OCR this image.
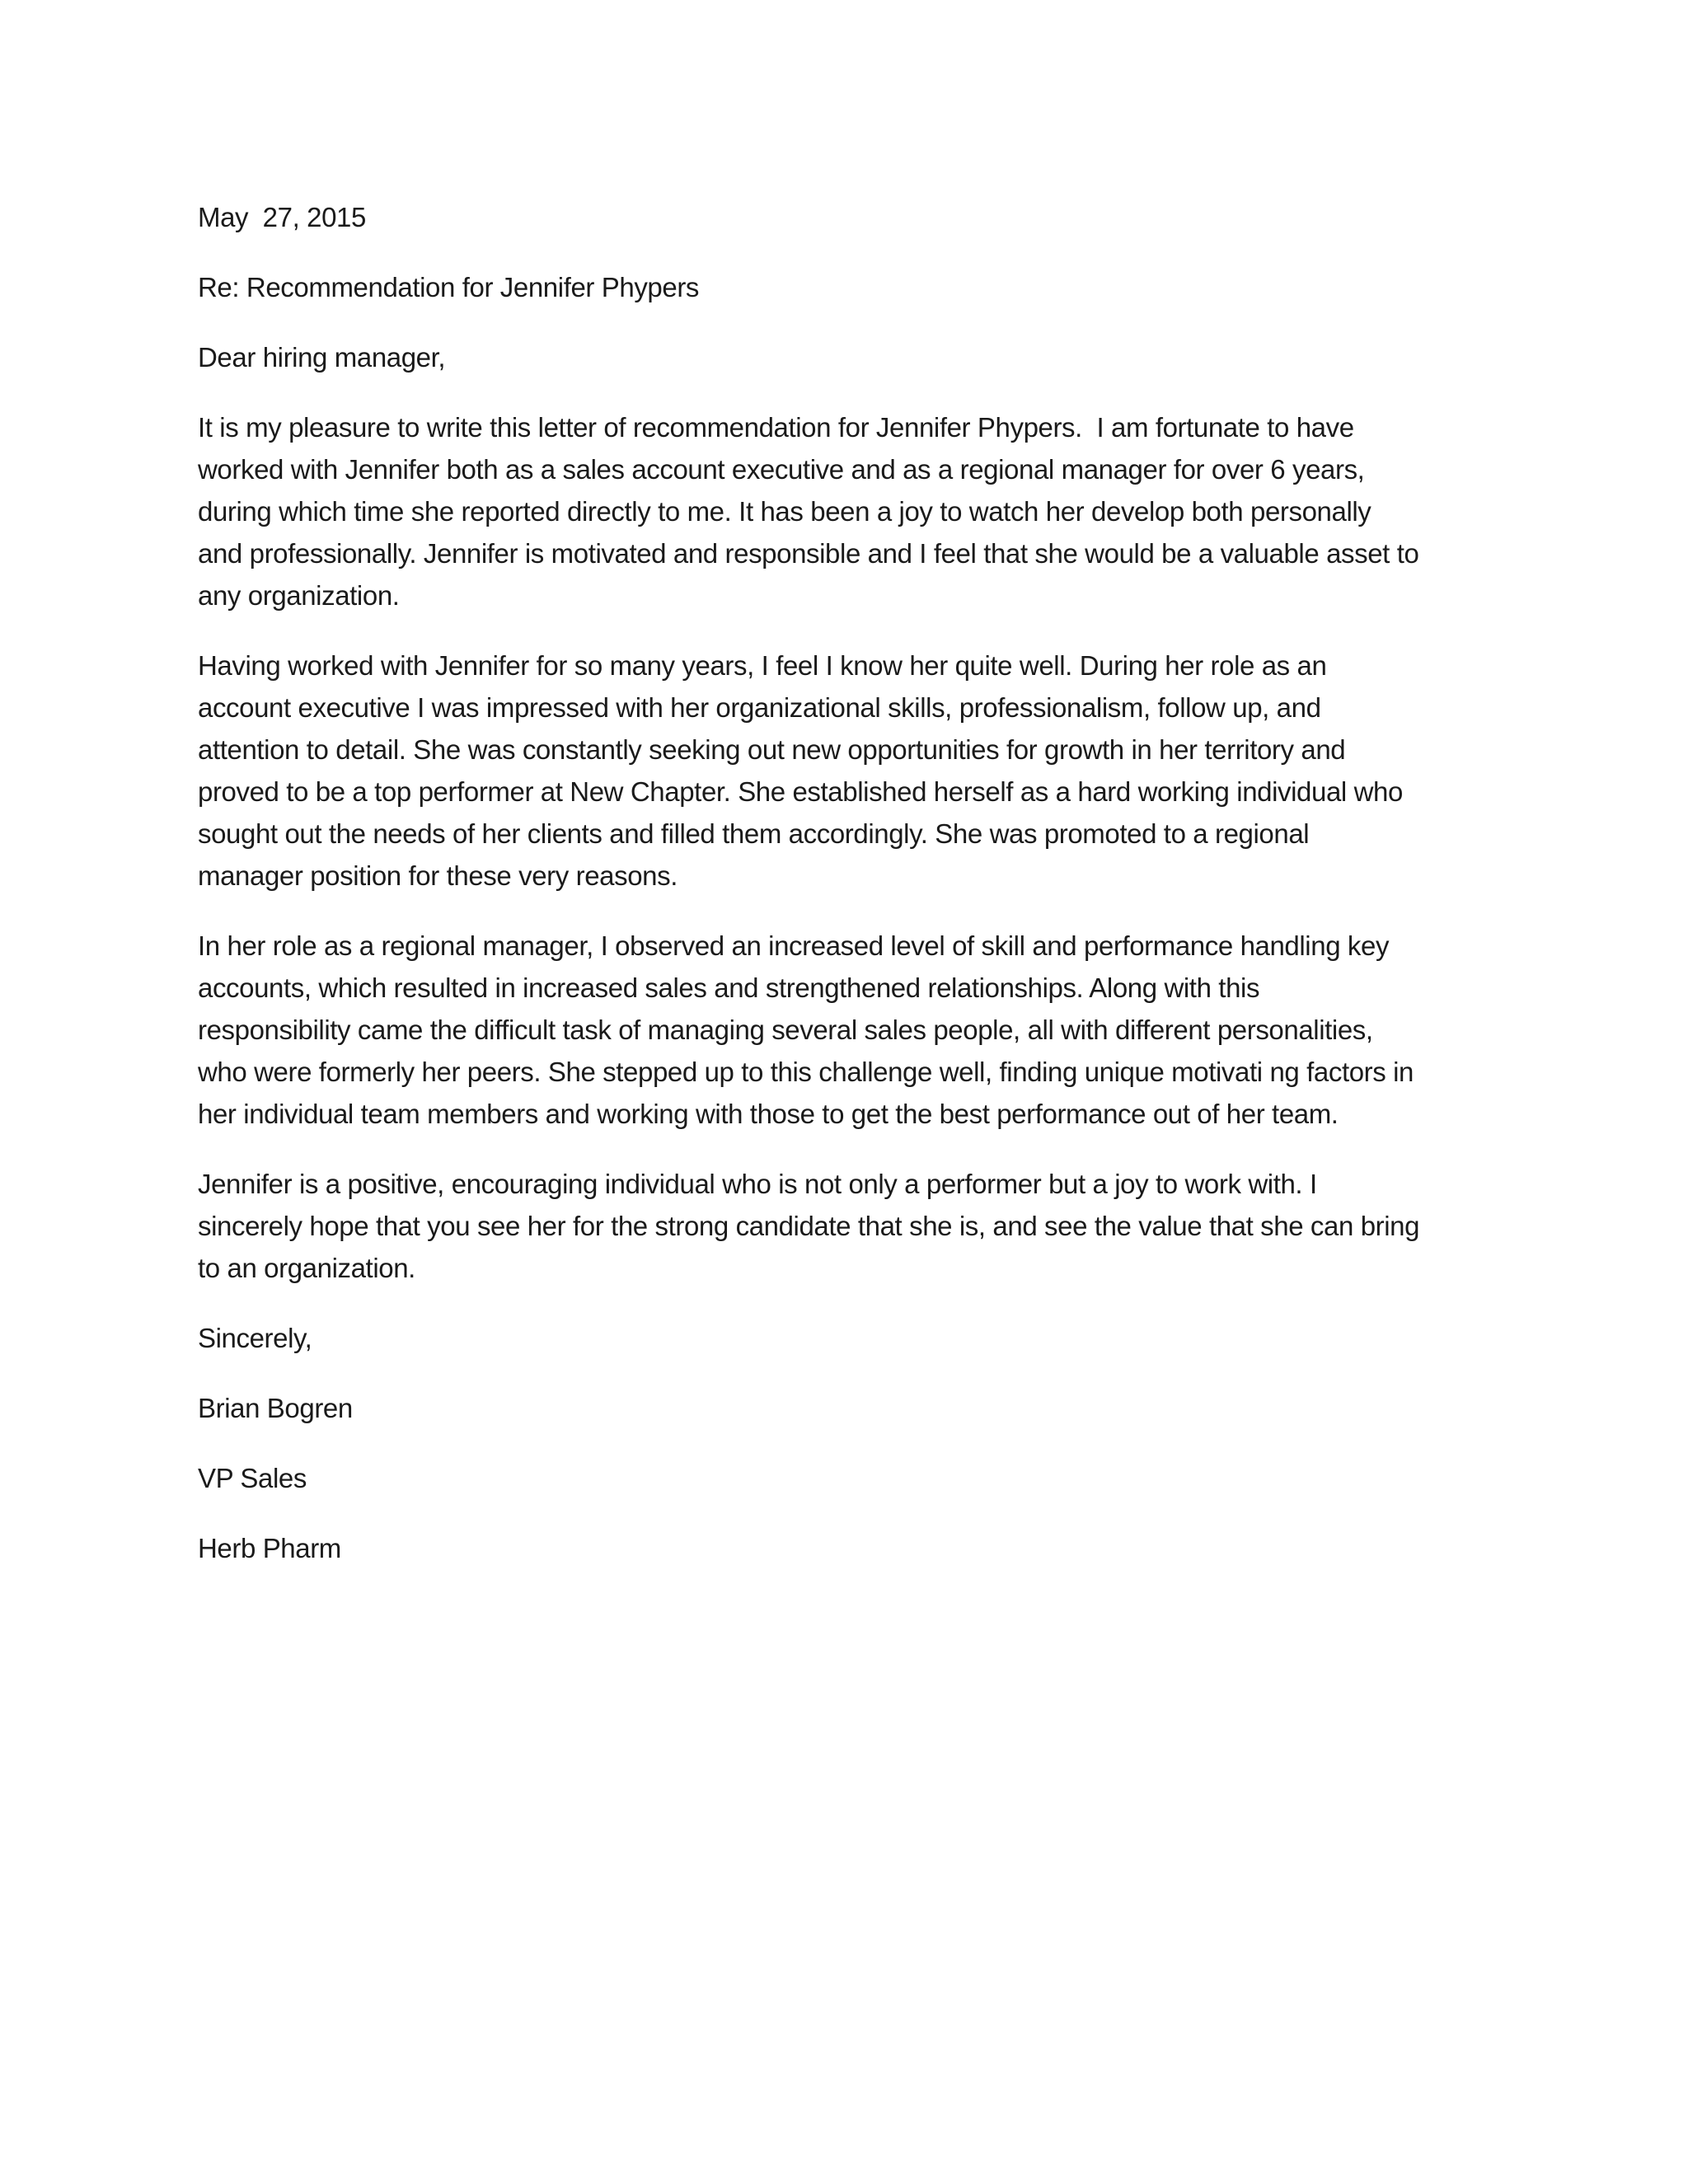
May  27, 2015

Re: Recommendation for Jennifer Phypers

Dear hiring manager,

It is my pleasure to write this letter of recommendation for Jennifer Phypers.  I am fortunate to have
worked with Jennifer both as a sales account executive and as a regional manager for over 6 years,
during which time she reported directly to me. It has been a joy to watch her develop both personally
and professionally. Jennifer is motivated and responsible and I feel that she would be a valuable asset to
any organization.

Having worked with Jennifer for so many years, I feel I know her quite well. During her role as an
account executive I was impressed with her organizational skills, professionalism, follow up, and
attention to detail. She was constantly seeking out new opportunities for growth in her territory and
proved to be a top performer at New Chapter. She established herself as a hard working individual who
sought out the needs of her clients and filled them accordingly. She was promoted to a regional
manager position for these very reasons.

In her role as a regional manager, I observed an increased level of skill and performance handling key
accounts, which resulted in increased sales and strengthened relationships. Along with this
responsibility came the difficult task of managing several sales people, all with different personalities,
who were formerly her peers. She stepped up to this challenge well, finding unique motivati ng factors in
her individual team members and working with those to get the best performance out of her team.

Jennifer is a positive, encouraging individual who is not only a performer but a joy to work with. I
sincerely hope that you see her for the strong candidate that she is, and see the value that she can bring
to an organization.

Sincerely,

Brian Bogren

VP Sales

Herb Pharm
